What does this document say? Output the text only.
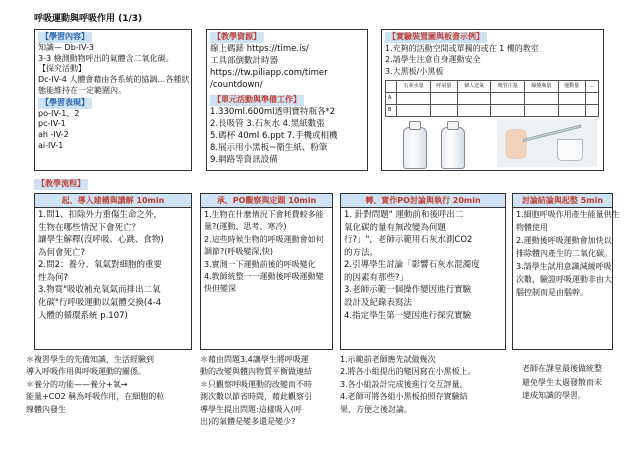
呼吸運動與呼吸作用 (1/3)
【學習內容】
知識— Db-IV-3
3-3 檢測動物呼出的氣體含二氧化碳。
【探究活動】
Dc-IV-4 人體會藉由各系統的協調…各種狀
態能維持在一定範圍內。
【學習表現】
po-IV-1、2
pc-IV-1
ah -IV-2
ai-IV-1
【教學資源】
線上碼錶 https://time.is/
工具部倒數計時器
https://tw.piliapp.com/timer
/countdown/
【單元活動與準備工作】
1.330ml.600ml透明寶特瓶各*2
2.長吸管 3.石灰水 4.黑紙數張
5.碼杯 40ml 6.ppt 7.手機或相機
8.展示用小黑板~衛生紙、粉筆
9.網路等資訊設備
【實驗裝置圖與板書示例】
1.充夠的活動空間或單獨的或在 1 樓的教室
2.請學生注意自身運動安全
3.大黑板/小黑板
	石灰水量	呼氣量	個人送氣	吸管注量	綠燒瓶量	運動量	…
A							
B							
【教學流程】
起、導入建構與講解 10min
1.問1、扣除外力重傷生命之外，
生物在哪些情況下會死亡？
讓學生解釋(沒呼吸、心跳、食物)
為何會死亡?
2.問2：養分、氧氣對細胞的重要
性為何?
3.物質"吸收補充氧氣而排出二氧
化碳"行呼吸運動以氣體交換(4-4
人體的循環系統 p.107)
承、PO觀察與定題 10min
1.生物在什麼情況下會耗費較多能
量?(運動、思考、寒冷)
2.這些時候生物的呼吸運動會如何
調節?(呼吸變深,快)
3.實測一下運動前後的呼吸變化
4.教師統整一一運動後呼吸運動變
快但變深
轉、實作PO討論與執行 20min
1. 針對問題" 運動前和後呼出二
氧化碳的量有無改變為何題
行?」"，老師示範用石灰水測CO2
的方法。
2.引導學生討論「影響石灰水混濁度
的因素有那些?」
3.老師示範一個操作變因進行實驗
設計及紀錄表寫法
4.指定學生第一變因進行探究實驗
討論結論與起整 5min
1.細胞呼吸作用產生能量供生
物體使用
2.運動後呼吸運動會加快以
排除體內產生的二氧化碳。
3.請學生試用意識減緩呼吸
次數，驗證呼吸運動非由大
腦控制而是由腦幹。
＊複習學生的先備知識，生活經驗到
導入呼吸作用與呼吸運動的關係。
＊養分的功能——養分+氧→
能量+CO2 稱為呼吸作用，在細胞的粒
線體內發生
＊藉由問題3.4讓學生將呼吸運
動的改變與體內物質平衡做連結
＊只觀察呼吸運動的改變而不時
測次數以節省時間，藉此觀察引
導學生提出問題:這樣吸入(呼
出)的氣體是變多還是變少?
1.示範前老師應先試做幾次
2.將各小組提出的變因寫在小黑板上。
3.各小組設計完成後進行交互評量。
4.老師可將各組小黑板拍照存實驗結
果，方便之後討論。
老師在課堂最後做統整
避免學生太過發散而未
達成知識的學習。
